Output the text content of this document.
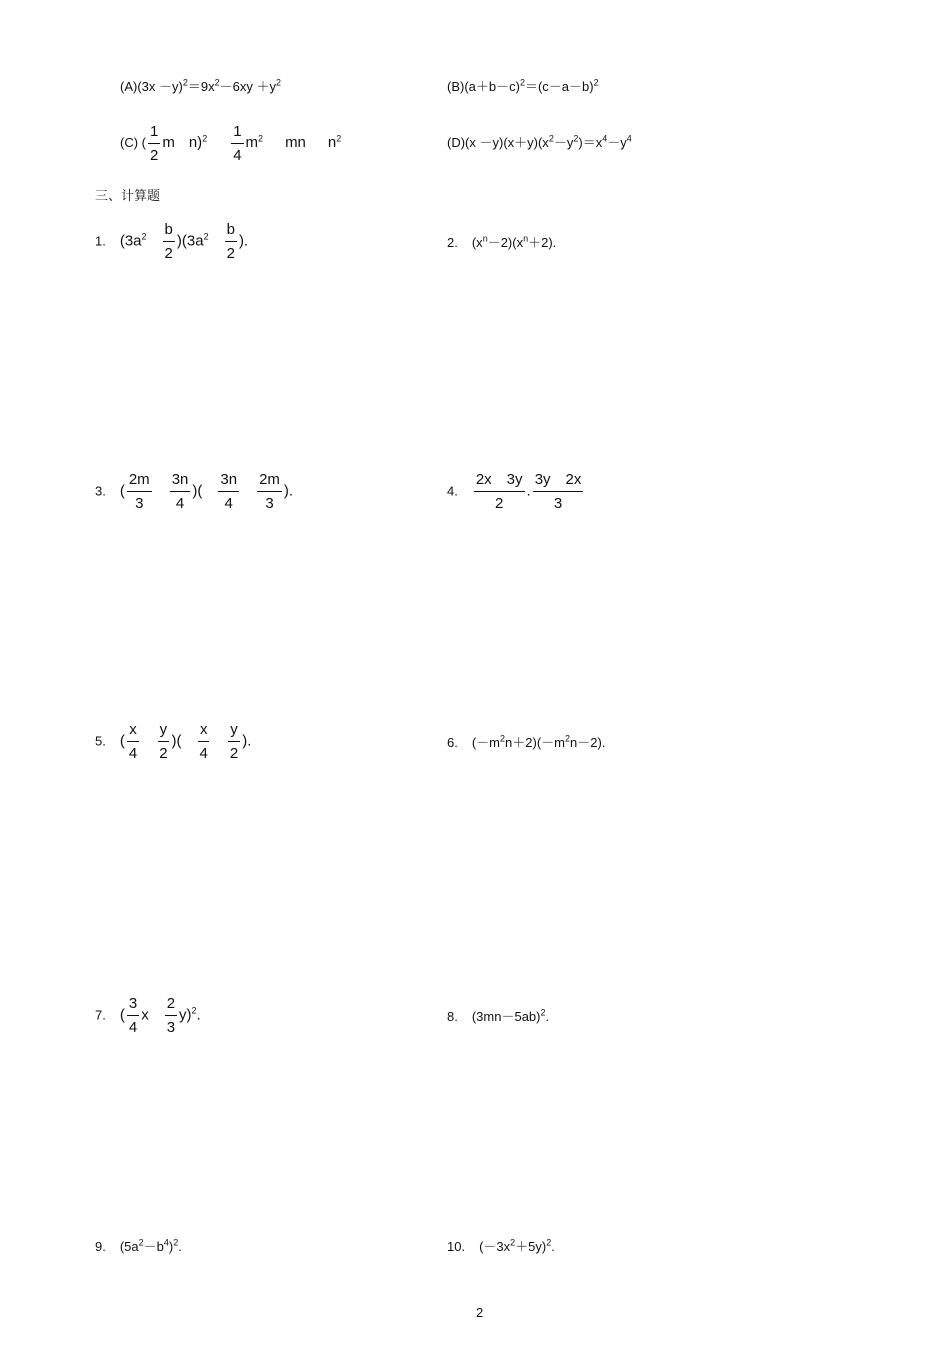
$(A)(3x -y)^2=9x^2-6xy +y^2$	$(B)(a+b-c)^2=(c-a-b)^2$
(C) ( $\frac{1}{2}$ m $n)^2 \frac{1}{4} m^2$ mn $n^2$	$(D)(x -y)(x+y)(x^2-y^2)=x^4-y^4$
三、计算题
1. $(3a^2 \frac{b}{2} )(3a^2 \frac{b}{2}$ ).	2. $(x^n-2)(x^n+2)$.
3. ( $\frac{2m}{3} \frac{3n}{4}$ )( $\frac{3n}{4} \frac{2m}{3}$ ).	4. $\frac{2x 3y}{2}$ . $\frac{3y 2x}{3}$
5. ( $\frac{x}{4} \frac{y}{2}$ )( $\frac{x}{4} \frac{y}{2}$ ).	6. $(-m^2n+2)(-m^2n-2)$.
7. ( $\frac{3}{4}$ x $\frac{2}{3} y)^2$.	8. $(3mn-5ab)^2$.
9. $(5a^2-b^4)^2$.	10. $(-3x^2+5y)^2$.
2
